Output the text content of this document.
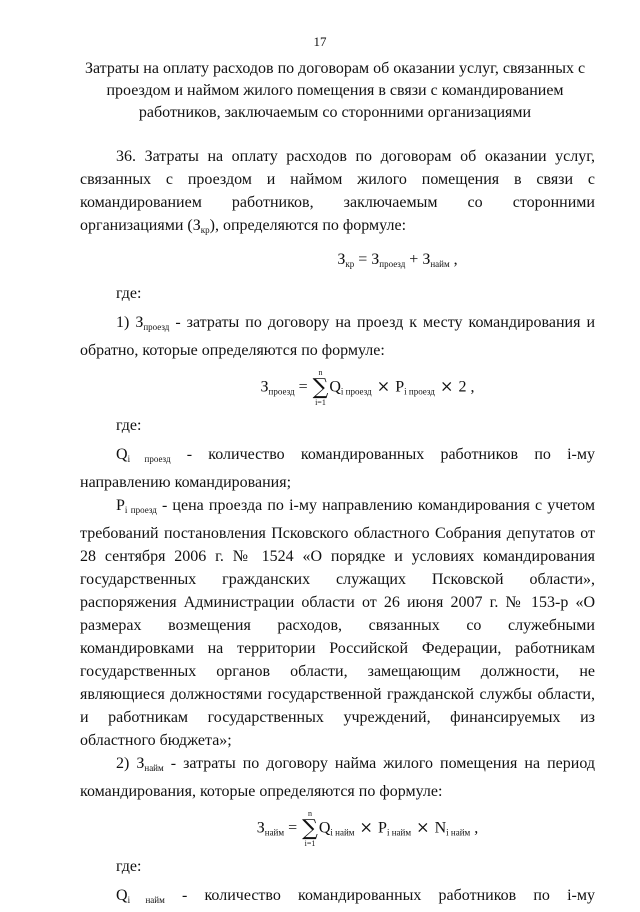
17
Затраты на оплату расходов по договорам об оказании услуг, связанных с проездом и наймом жилого помещения в связи с командированием работников, заключаемым со сторонними организациями

36. Затраты на оплату расходов по договорам об оказании услуг, связанных с проездом и наймом жилого помещения в связи с командированием работников, заключаемым со сторонними организациями $(З_{кр})$, определяются по формуле:

$З_{кр} = З_{проезд} + З_{найм}$ ,

где:

1) $З_{проезд}$ - затраты по договору на проезд к месту командирования и обратно, которые определяются по формуле:

$З_{проезд}$ =
n
∑
i=1
$Q_{i проезд} \times P_{i проезд} \times 2$ ,

где:

$Q_{i проезд}$ - количество командированных работников по i-му направлению командирования;

$P_{i проезд}$ - цена проезда по i-му направлению командирования с учетом требований постановления Псковского областного Собрания депутатов от 28 сентября 2006 г. № 1524 «О порядке и условиях командирования государственных гражданских служащих Псковской области», распоряжения Администрации области от 26 июня 2007 г. № 153-р «О размерах возмещения расходов, связанных со служебными командировками на территории Российской Федерации, работникам государственных органов области, замещающим должности, не являющиеся должностями государственной гражданской службы области, и работникам государственных учреждений, финансируемых из областного бюджета»;

2) $З_{найм}$ - затраты по договору найма жилого помещения на период командирования, которые определяются по формуле:

$З_{найм}$ =
n
∑
i=1
$Q_{i найм} \times P_{i найм} \times N_{i найм}$ ,

где:

$Q_{i найм}$ - количество командированных работников по i-му
